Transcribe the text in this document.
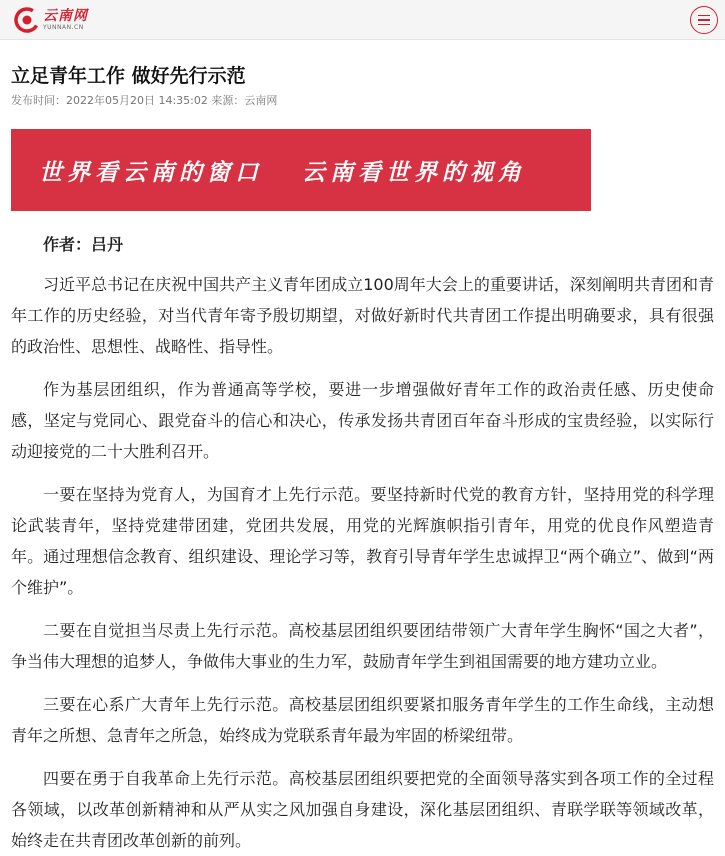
云南网
YUNNAN.CN
立足青年工作 做好先行示范
发布时间：2022年05月20日 14:35:02 来源：云南网
世界看云南的窗口   云南看世界的视角

作者：吕丹

习近平总书记在庆祝中国共产主义青年团成立100周年大会上的重要讲话，深刻阐明共青团和青年工作的历史经验，对当代青年寄予殷切期望，对做好新时代共青团工作提出明确要求，具有很强的政治性、思想性、战略性、指导性。

作为基层团组织，作为普通高等学校，要进一步增强做好青年工作的政治责任感、历史使命感，坚定与党同心、跟党奋斗的信心和决心，传承发扬共青团百年奋斗形成的宝贵经验，以实际行动迎接党的二十大胜利召开。

一要在坚持为党育人，为国育才上先行示范。要坚持新时代党的教育方针，坚持用党的科学理论武装青年，坚持党建带团建，党团共发展，用党的光辉旗帜指引青年，用党的优良作风塑造青年。通过理想信念教育、组织建设、理论学习等，教育引导青年学生忠诚捍卫“两个确立”、做到“两个维护”。

二要在自觉担当尽责上先行示范。高校基层团组织要团结带领广大青年学生胸怀“国之大者”，争当伟大理想的追梦人，争做伟大事业的生力军，鼓励青年学生到祖国需要的地方建功立业。

三要在心系广大青年上先行示范。高校基层团组织要紧扣服务青年学生的工作生命线，主动想青年之所想、急青年之所急，始终成为党联系青年最为牢固的桥梁纽带。

四要在勇于自我革命上先行示范。高校基层团组织要把党的全面领导落实到各项工作的全过程各领域，以改革创新精神和从严从实之风加强自身建设，深化基层团组织、青联学联等领域改革，始终走在共青团改革创新的前列。
